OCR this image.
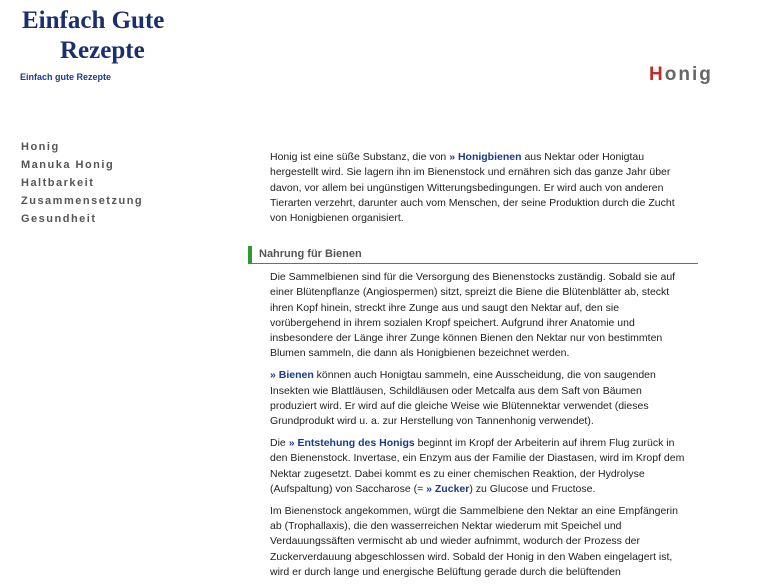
Einfach Gute
Rezepte
Einfach gute Rezepte	Honig
Honig
Manuka Honig
Haltbarkeit
Zusammensetzung
Gesundheit

Honig ist eine süße Substanz, die von » Honigbienen aus Nektar oder Honigtau hergestellt wird. Sie lagern ihn im Bienenstock und ernähren sich das ganze Jahr über davon, vor allem bei ungünstigen Witterungsbedingungen. Er wird auch von anderen Tierarten verzehrt, darunter auch vom Menschen, der seine Produktion durch die Zucht von Honigbienen organisiert.

Nahrung für Bienen

Die Sammelbienen sind für die Versorgung des Bienenstocks zuständig. Sobald sie auf einer Blütenpflanze (Angiospermen) sitzt, spreizt die Biene die Blütenblätter ab, steckt ihren Kopf hinein, streckt ihre Zunge aus und saugt den Nektar auf, den sie vorübergehend in ihrem sozialen Kropf speichert. Aufgrund ihrer Anatomie und insbesondere der Länge ihrer Zunge können Bienen den Nektar nur von bestimmten Blumen sammeln, die dann als Honigbienen bezeichnet werden.

» Bienen können auch Honigtau sammeln, eine Ausscheidung, die von saugenden Insekten wie Blattläusen, Schildläusen oder Metcalfa aus dem Saft von Bäumen produziert wird. Er wird auf die gleiche Weise wie Blütennektar verwendet (dieses Grundprodukt wird u. a. zur Herstellung von Tannenhonig verwendet).

Die » Entstehung des Honigs beginnt im Kropf der Arbeiterin auf ihrem Flug zurück in den Bienenstock. Invertase, ein Enzym aus der Familie der Diastasen, wird im Kropf dem Nektar zugesetzt. Dabei kommt es zu einer chemischen Reaktion, der Hydrolyse (Aufspaltung) von Saccharose (= » Zucker) zu Glucose und Fructose.

Im Bienenstock angekommen, würgt die Sammelbiene den Nektar an eine Empfängerin ab (Trophallaxis), die den wasserreichen Nektar wiederum mit Speichel und Verdauungssäften vermischt ab und wieder aufnimmt, wodurch der Prozess der Zuckerverdauung abgeschlossen wird. Sobald der Honig in den Waben eingelagert ist, wird er durch lange und energische Belüftung gerade durch die belüftenden
